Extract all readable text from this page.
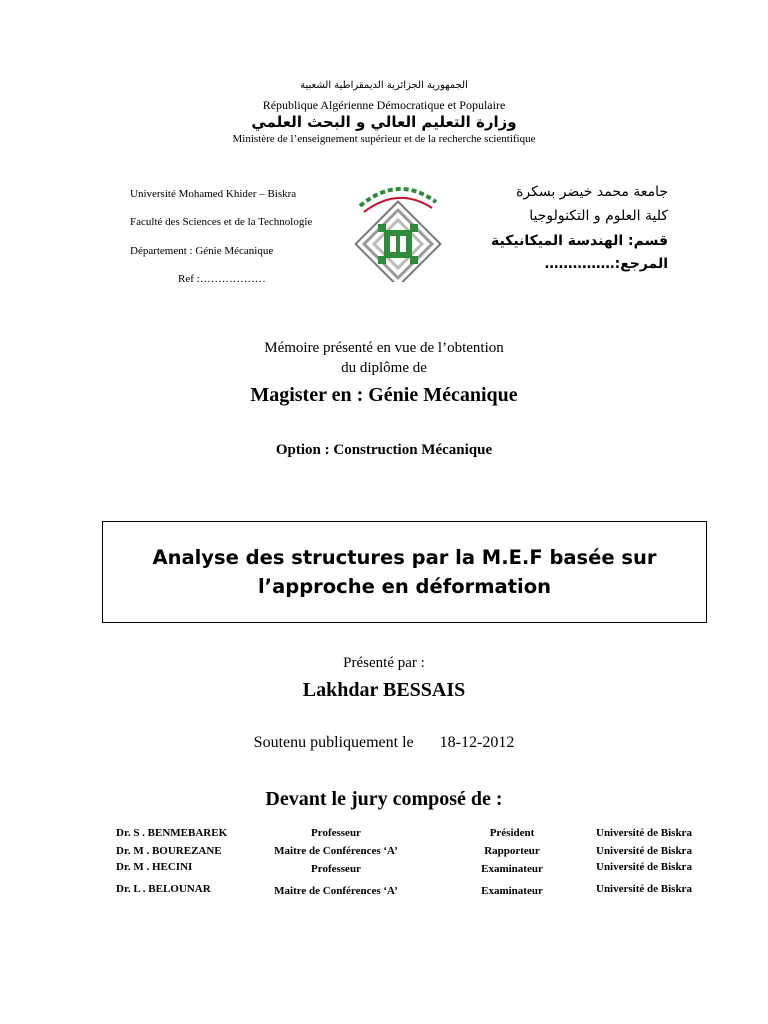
الجمهورية الجزائرية الديمقراطية الشعبية
République Algérienne Démocratique et Populaire
وزارة التعليم العالي و البحث العلمي
Ministère de l’enseignement supérieur et de la recherche scientifique
Université Mohamed Khider – Biskra
Faculté des Sciences et de la Technologie
Département : Génie Mécanique
Ref :………………
جامعة محمد خيضر بسكرة
كلية العلوم و التكنولوجيا
قسم: الهندسة الميكانيكية
المرجع:……………
Mémoire présenté en vue de l’obtention
du diplôme de
Magister en : Génie Mécanique
Option : Construction Mécanique
Analyse des structures par la M.E.F basée sur
l’approche en déformation
Présenté par :
Lakhdar BESSAIS
Soutenu publiquement le 18-12-2012
Devant le jury composé de :
Dr. S . BENMEBAREK	Professeur	Président	Université de Biskra
Dr. M . BOUREZANE	Maitre de Conférences ‘A’	Rapporteur	Université de Biskra
Dr. M . HECINI	Professeur	Examinateur	Université de Biskra
Dr. L . BELOUNAR	Maitre de Conférences ‘A’	Examinateur	Université de Biskra
